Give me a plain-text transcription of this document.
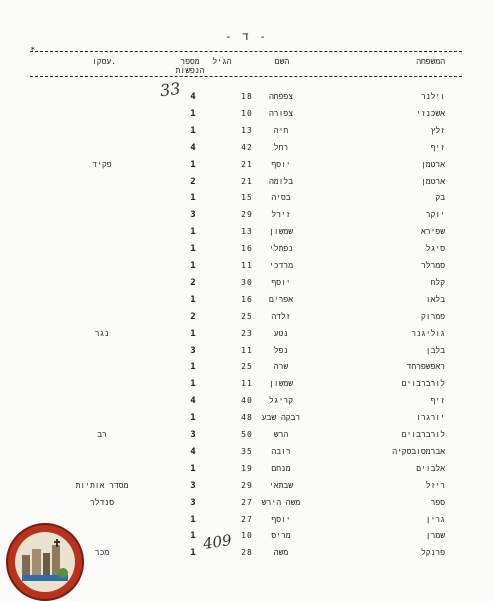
- ד -
*
המשפחה
השם
הגיל
מספר
הנפשות
עסקו.
וילנר
צפפחה
18
4
אשכנזי
צפורה
10
1
זלץ
חיה
13
1
זיף
רחל
42
4
ארטמן
יוסף
21
1
פקיד
ארטמן
בלומה
21
2
בק
בסיה
15
1
יוקר
זירל
29
3
שפירא
שמשון
13
1
סיגל
נפתלי
16
1
סמרלר
מרדכי
11
1
קלח
יוסף
30
2
בלאו
אפרים
16
1
פמרוק
זלדה
25
2
גוליגנר
נטע
23
1
נגר
בלבן
נפל
11
3
ראפשפרחד
שרה
25
1
לורברבוים
שמשון
11
1
זיף
קריגל
40
4
יורגרו
רבקה שבע
48
1
לורברבוים
הרש
50
3
רב
אברמסובסקיה
רובה
35
4
אלבוים
מנחם
19
1
ריזל
שבתאי
29
3
מסדר אותיות
ספר
משה הירש
27
3
סנדלר
גרין
יוסף
27
1
שמרן
מריס
10
1
פרנקל
משה
28
1
מכר
33
409
